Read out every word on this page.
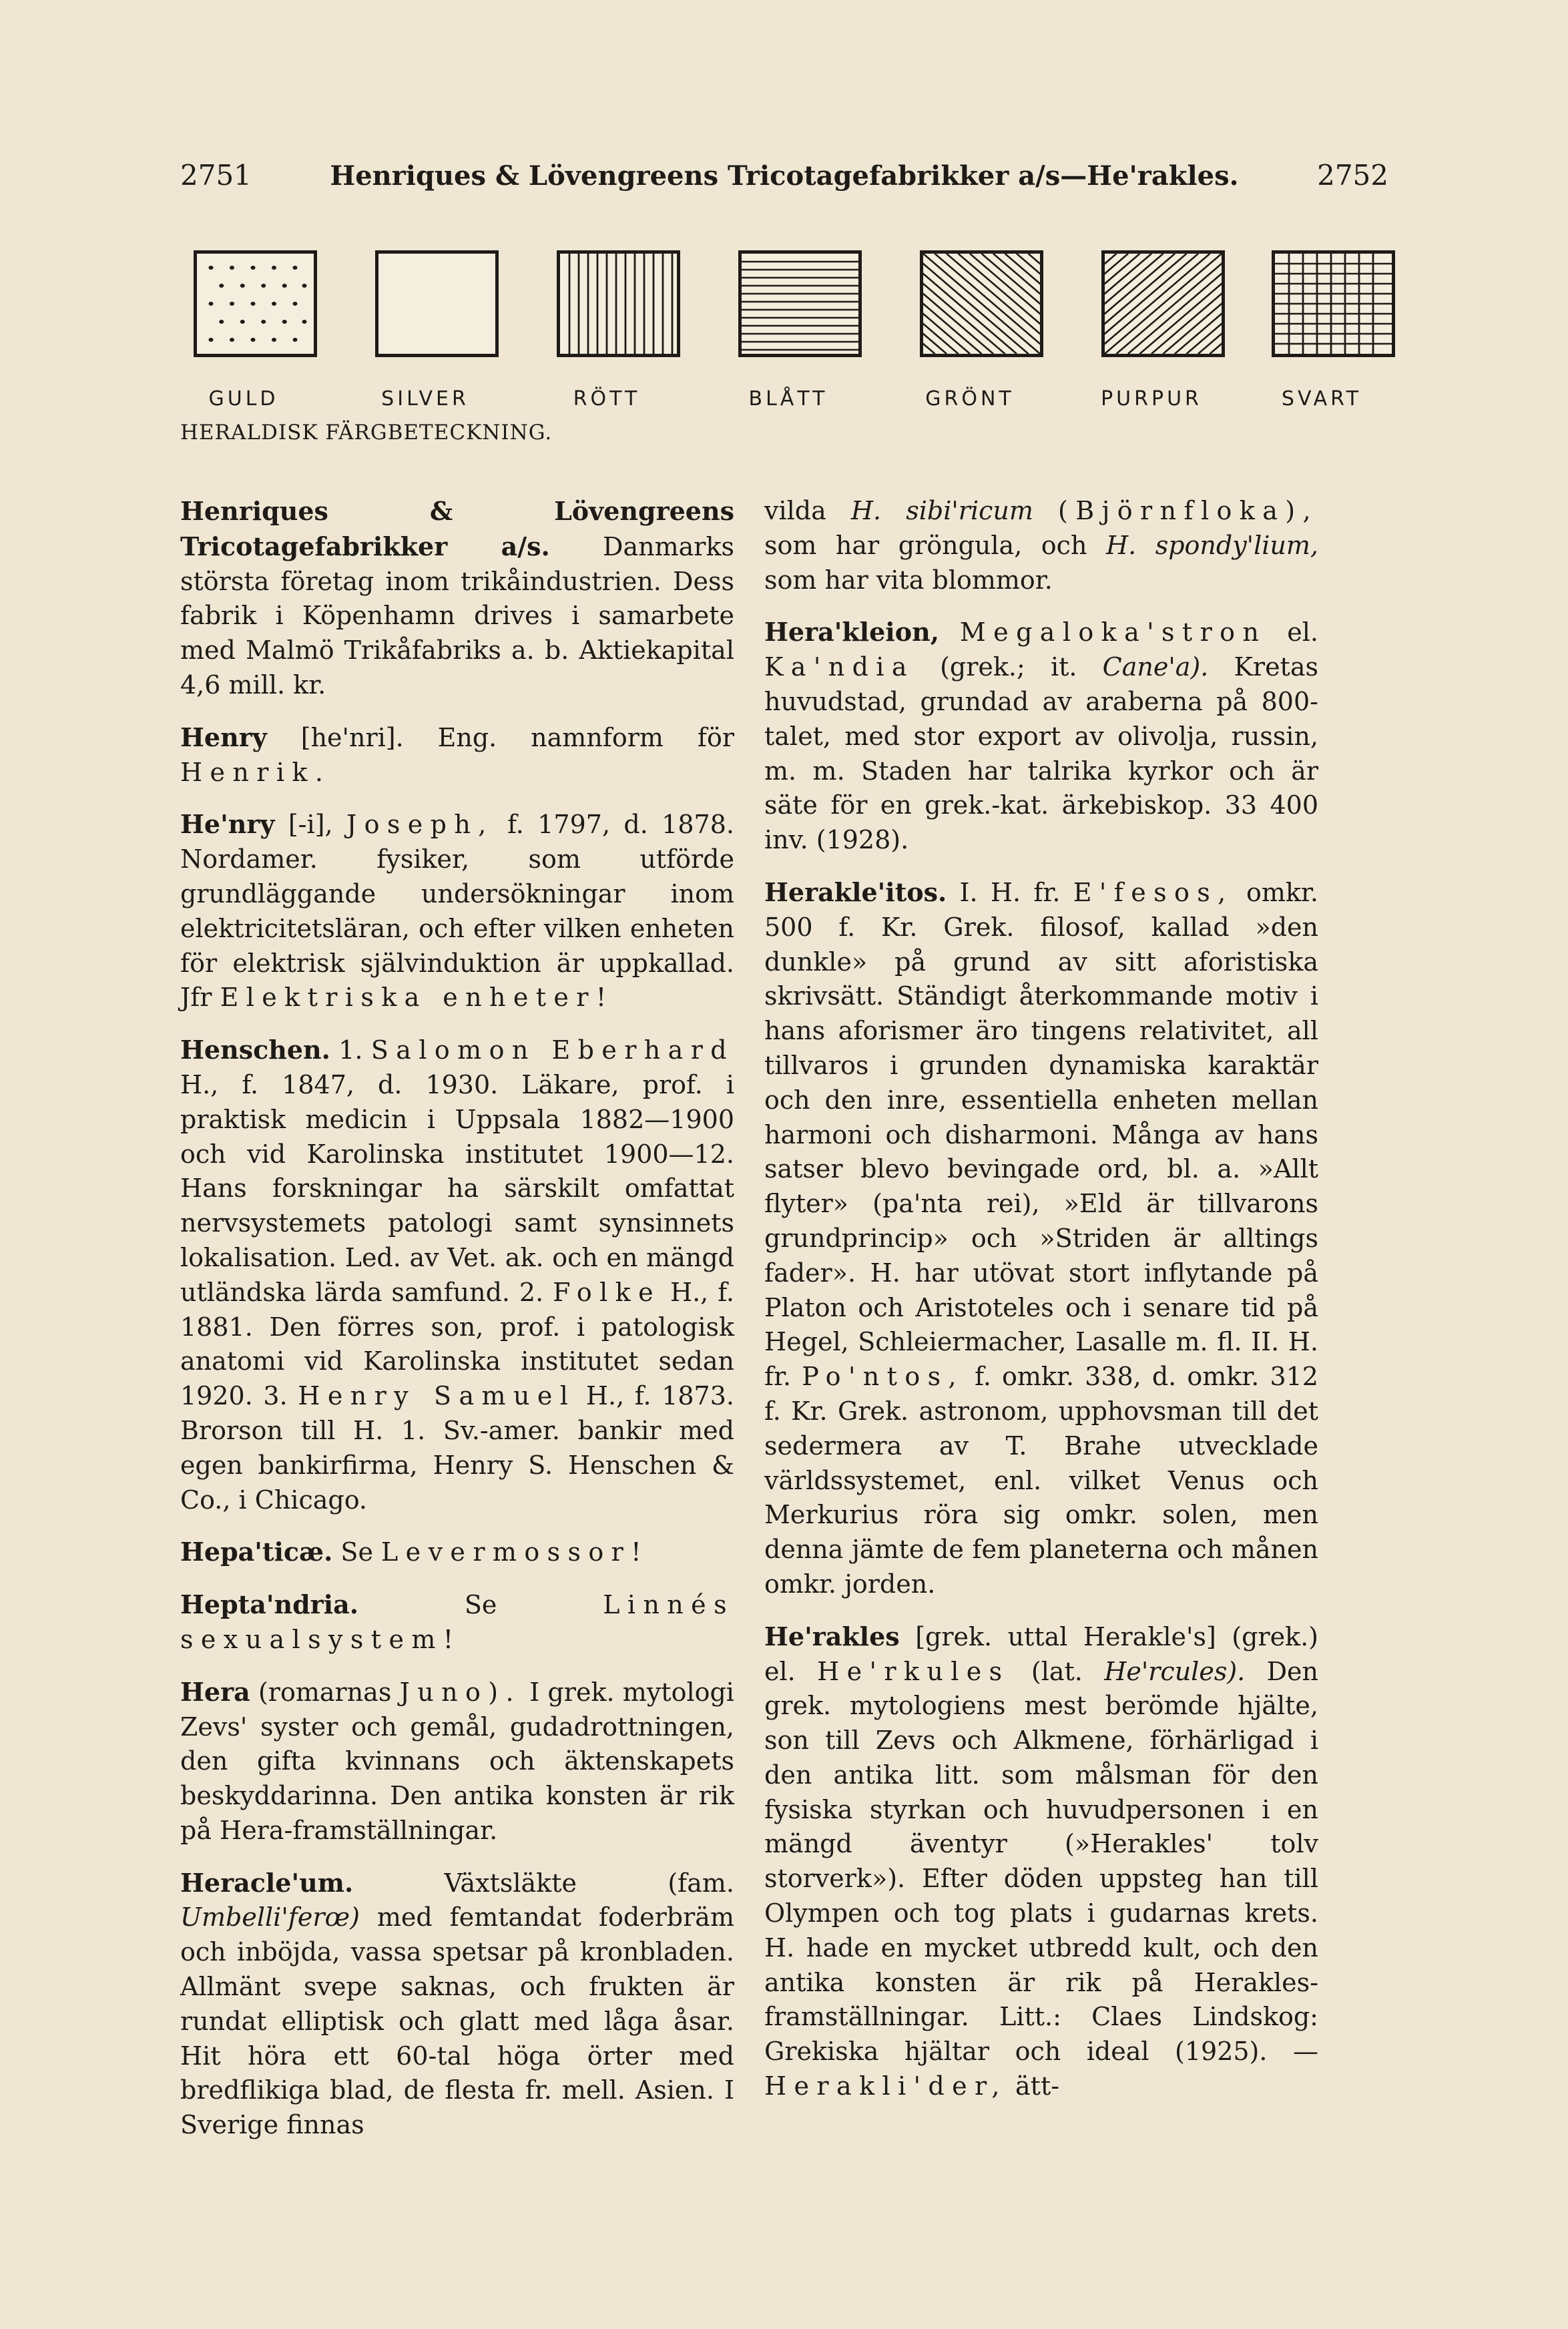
2751	Henriques & Lövengreens Tricotagefabrikker a/s—He'rakles.	2752
GULD	SILVER	RÖTT	BLÅTT	GRÖNT	PURPUR	SVART
HERALDISK FÄRGBETECKNING.

Henriques & Lövengreens Tricotagefabrikker a/s. Danmarks största företag inom trikåindustrien. Dess fabrik i Köpenhamn drives i samarbete med Malmö Trikåfabriks a. b. Aktiekapital 4,6 mill. kr.

Henry [he'nri]. Eng. namnform för Henrik.

He'nry [-i], Joseph, f. 1797, d. 1878. Nordamer. fysiker, som utförde grundläggande undersökningar inom elektricitetsläran, och efter vilken enheten för elektrisk självinduktion är uppkallad. Jfr Elektriska enheter!

Henschen. 1. Salomon Eberhard H., f. 1847, d. 1930. Läkare, prof. i praktisk medicin i Uppsala 1882—1900 och vid Karolinska institutet 1900—12. Hans forskningar ha särskilt omfattat nervsystemets patologi samt synsinnets lokalisation. Led. av Vet. ak. och en mängd utländska lärda samfund. 2. Folke H., f. 1881. Den förres son, prof. i patologisk anatomi vid Karolinska institutet sedan 1920. 3. Henry Samuel H., f. 1873. Brorson till H. 1. Sv.-amer. bankir med egen bankirfirma, Henry S. Henschen & Co., i Chicago.

Hepa'ticæ. Se Levermossor!

Hepta'ndria.	Se	Linnés sexualsystem!

Hera (romarnas Juno). I grek. mytologi Zevs' syster och gemål, gudadrottningen, den gifta kvinnans och äktenskapets beskyddarinna. Den antika konsten är rik på Hera-framställningar.

Heracle'um.	Växtsläkte (fam. Umbelli'ferœ) med femtandat foderbräm och inböjda, vassa spetsar på kronbladen. Allmänt svepe saknas, och frukten är rundat elliptisk och glatt med låga åsar. Hit höra ett 60-tal höga örter med bredflikiga blad, de flesta fr. mell. Asien. I Sverige finnas

vilda H. sibi'ricum (Björnfloka), som har gröngula, och H. spondy'lium, som har vita blommor.

Hera'kleion, Megaloka'stron el. Ka'ndia (grek.; it. Cane'a). Kretas huvudstad, grundad av araberna på 800-talet, med stor export av olivolja, russin, m. m. Staden har talrika kyrkor och är säte för en grek.-kat. ärkebiskop. 33 400 inv. (1928).

Herakle'itos. I. H. fr. E'fesos, omkr. 500 f. Kr. Grek. filosof, kallad »den dunkle» på grund av sitt aforistiska skrivsätt. Ständigt återkommande motiv i hans aforismer äro tingens relativitet, all tillvaros i grunden dynamiska karaktär och den inre, essentiella enheten mellan harmoni och disharmoni. Många av hans satser blevo bevingade ord, bl. a. »Allt flyter» (pa'nta rei), »Eld är tillvarons grundprincip» och »Striden är alltings fader». H. har utövat stort inflytande på Platon och Aristoteles och i senare tid på Hegel, Schleiermacher, Lasalle m. fl. II. H. fr. Po'ntos, f. omkr. 338, d. omkr. 312 f. Kr. Grek. astronom, upphovsman till det sedermera av T. Brahe utvecklade världssystemet, enl. vilket Venus och Merkurius röra sig omkr. solen, men denna jämte de fem planeterna och månen omkr. jorden.

He'rakles [grek. uttal Herakle's] (grek.) el. He'rkules (lat. He'rcules). Den grek. mytologiens mest berömde hjälte, son till Zevs och Alkmene, förhärligad i den antika litt. som målsman för den fysiska styrkan och huvudpersonen i en mängd äventyr (»Herakles' tolv storverk»). Efter döden uppsteg han till Olympen och tog plats i gudarnas krets. H. hade en mycket utbredd kult, och den antika konsten är rik på Herakles-framställningar. Litt.: Claes Lindskog: Grekiska hjältar och ideal (1925). — Herakli'der, ätt-
